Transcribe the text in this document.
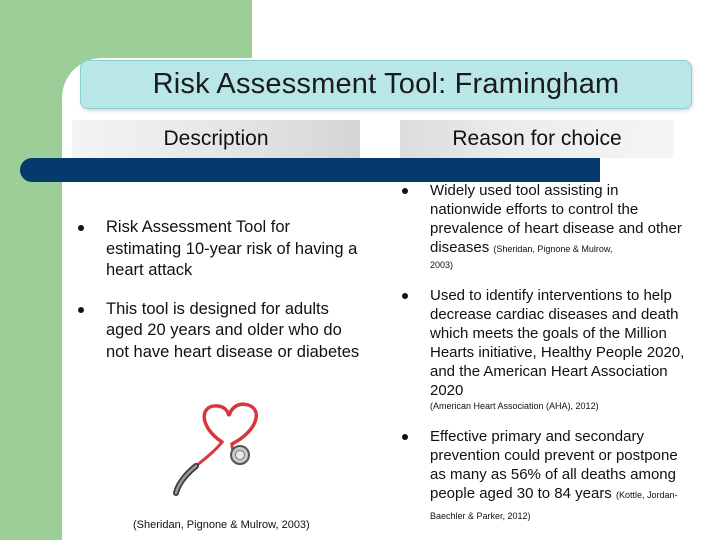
Risk Assessment Tool: Framingham
Description	Reason for choice
Risk Assessment Tool for estimating 10-year risk of having a heart attack
This tool is designed for adults aged 20 years and older who do not have heart disease or diabetes
Widely used tool assisting in nationwide efforts to control the prevalence of heart disease and other diseases (Sheridan, Pignone & Mulrow,
2003)
Used to identify interventions to help decrease cardiac diseases and death which meets the goals of the Million Hearts initiative, Healthy People 2020, and the American Heart Association 2020
(American Heart Association (AHA), 2012)
Effective primary and secondary prevention could prevent or postpone as many as 56% of all deaths among people aged 30 to 84 years (Kottle, Jordan-Baechler & Parker, 2012)
(Sheridan, Pignone & Mulrow, 2003)
